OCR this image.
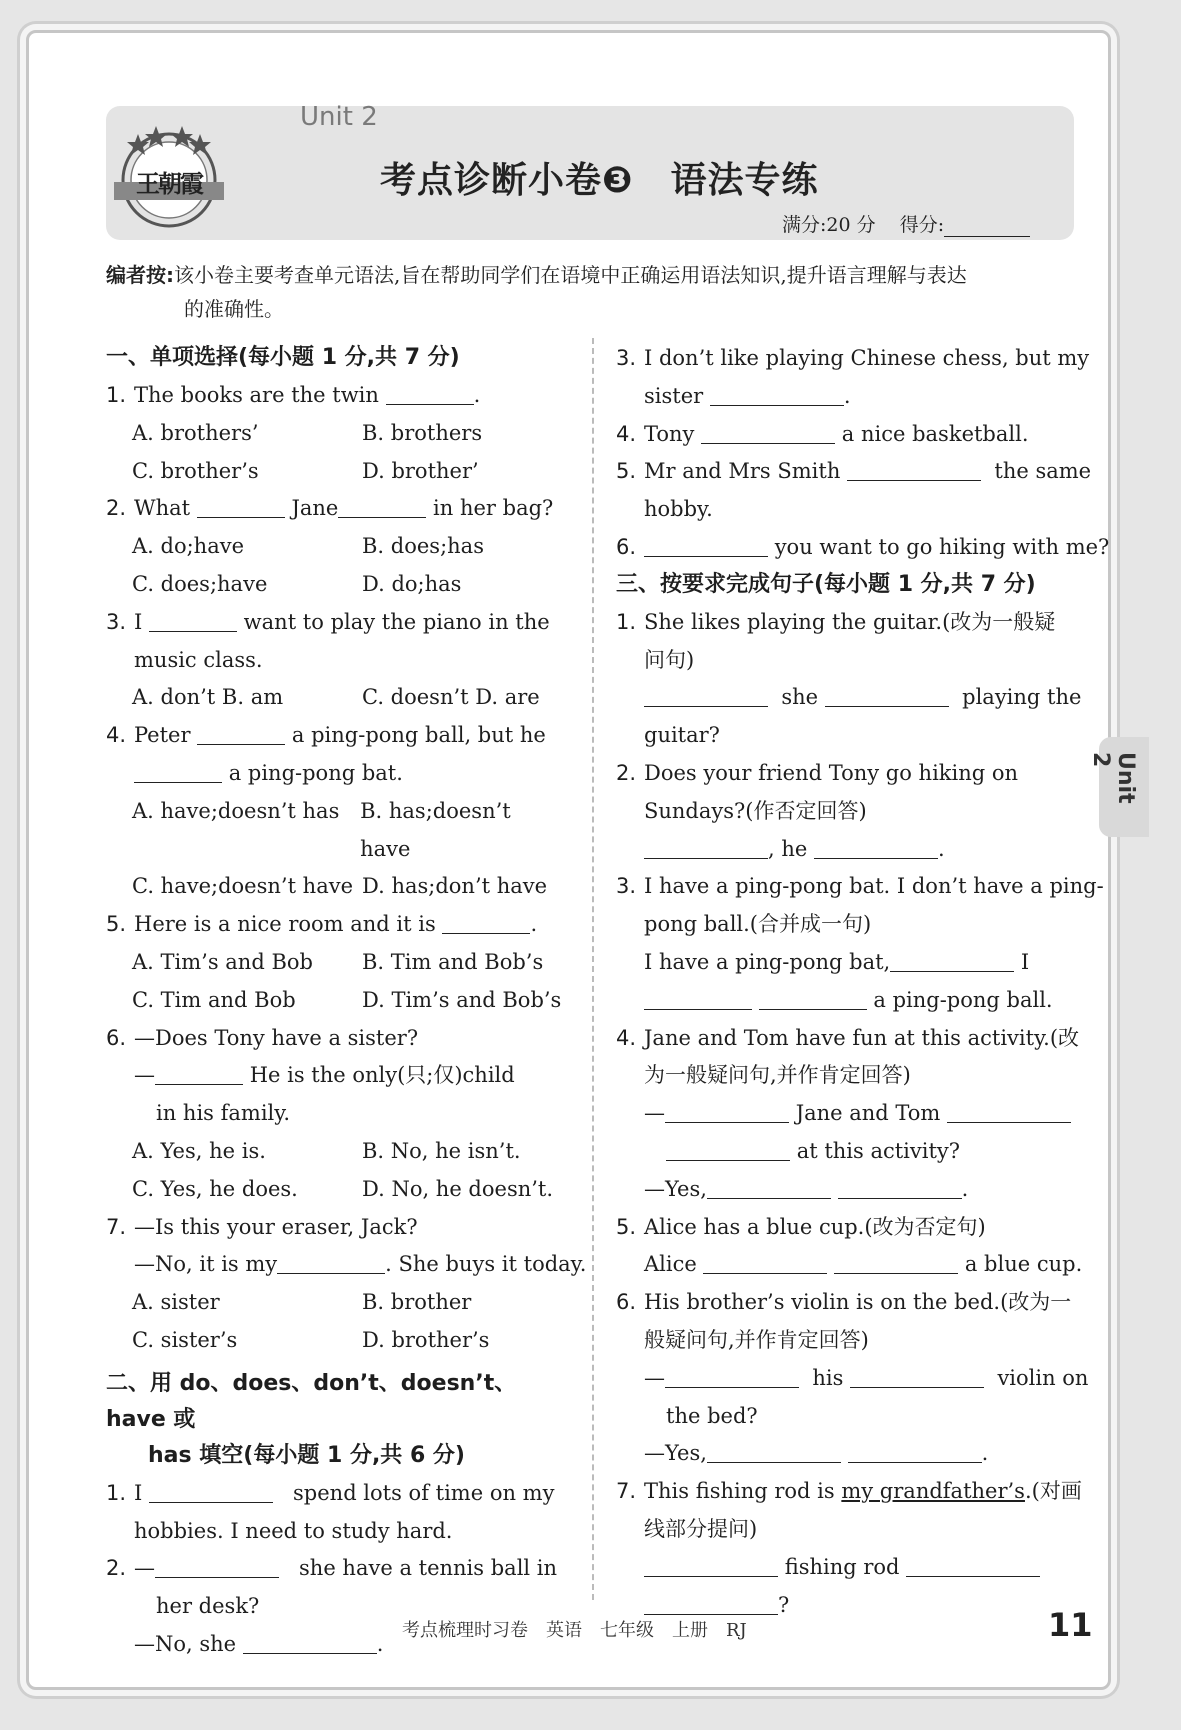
王朝霞
Unit 2
考点诊断小卷❸　语法专练
满分:20 分 得分:
编者按:该小卷主要考查单元语法,旨在帮助同学们在语境中正确运用语法知识,提升语言理解与表达
的准确性。
一、单项选择(每小题 1 分,共 7 分)
1. The books are the twin	.
A. brothers’	B. brothers
C. brother’s	D. brother’
2. What	Jane	in her bag?
A. do;have	B. does;has
C. does;have	D. do;has
3. I	want to play the piano in the
music class.
A. don’t B. am	C. doesn’t D. are
4. Peter	a ping-pong ball, but he
a ping-pong bat.
A. have;doesn’t has B. has;doesn’t have
C. have;doesn’t have D. has;don’t have
5. Here is a nice room and it is	.
A. Tim’s and Bob	B. Tim and Bob’s
C. Tim and Bob	D. Tim’s and Bob’s
6. —Does Tony have a sister?
—	He is the only(只;仅)child
in his family.
A. Yes, he is.	B. No, he isn’t.
C. Yes, he does.	D. No, he doesn’t.
7. —Is this your eraser, Jack?
—No, it is my	. She buys it today.
A. sister	B. brother
C. sister’s	D. brother’s
二、用 do、does、don’t、doesn’t、have 或
has 填空(每小题 1 分,共 6 分)
1. I	spend lots of time on my
hobbies. I need to study hard.
2. —	she have a tennis ball in
her desk?
—No, she	.
3. I don’t like playing Chinese chess, but my
sister	.
4. Tony	a nice basketball.
5. Mr and Mrs Smith	the same
hobby.
6.	you want to go hiking with me?
三、按要求完成句子(每小题 1 分,共 7 分)
1. She likes playing the guitar.(改为一般疑
问句)
she	playing the
guitar?
2. Does your friend Tony go hiking on
Sundays?(作否定回答)
, he	.
3. I have a ping-pong bat. I don’t have a ping-
pong ball.(合并成一句)
I have a ping-pong bat,	I
a ping-pong ball.
4. Jane and Tom have fun at this activity.(改
为一般疑问句,并作肯定回答)
—	Jane and Tom
at this activity?
—Yes,	.
5. Alice has a blue cup.(改为否定句)
Alice	a blue cup.
6. His brother’s violin is on the bed.(改为一
般疑问句,并作肯定回答)
—	his	violin on
the bed?
—Yes,	.
7. This fishing rod is my grandfather’s.(对画
线部分提问)
fishing rod
?
Unit 2
考点梳理时习卷　英语　七年级　上册　RJ	11
